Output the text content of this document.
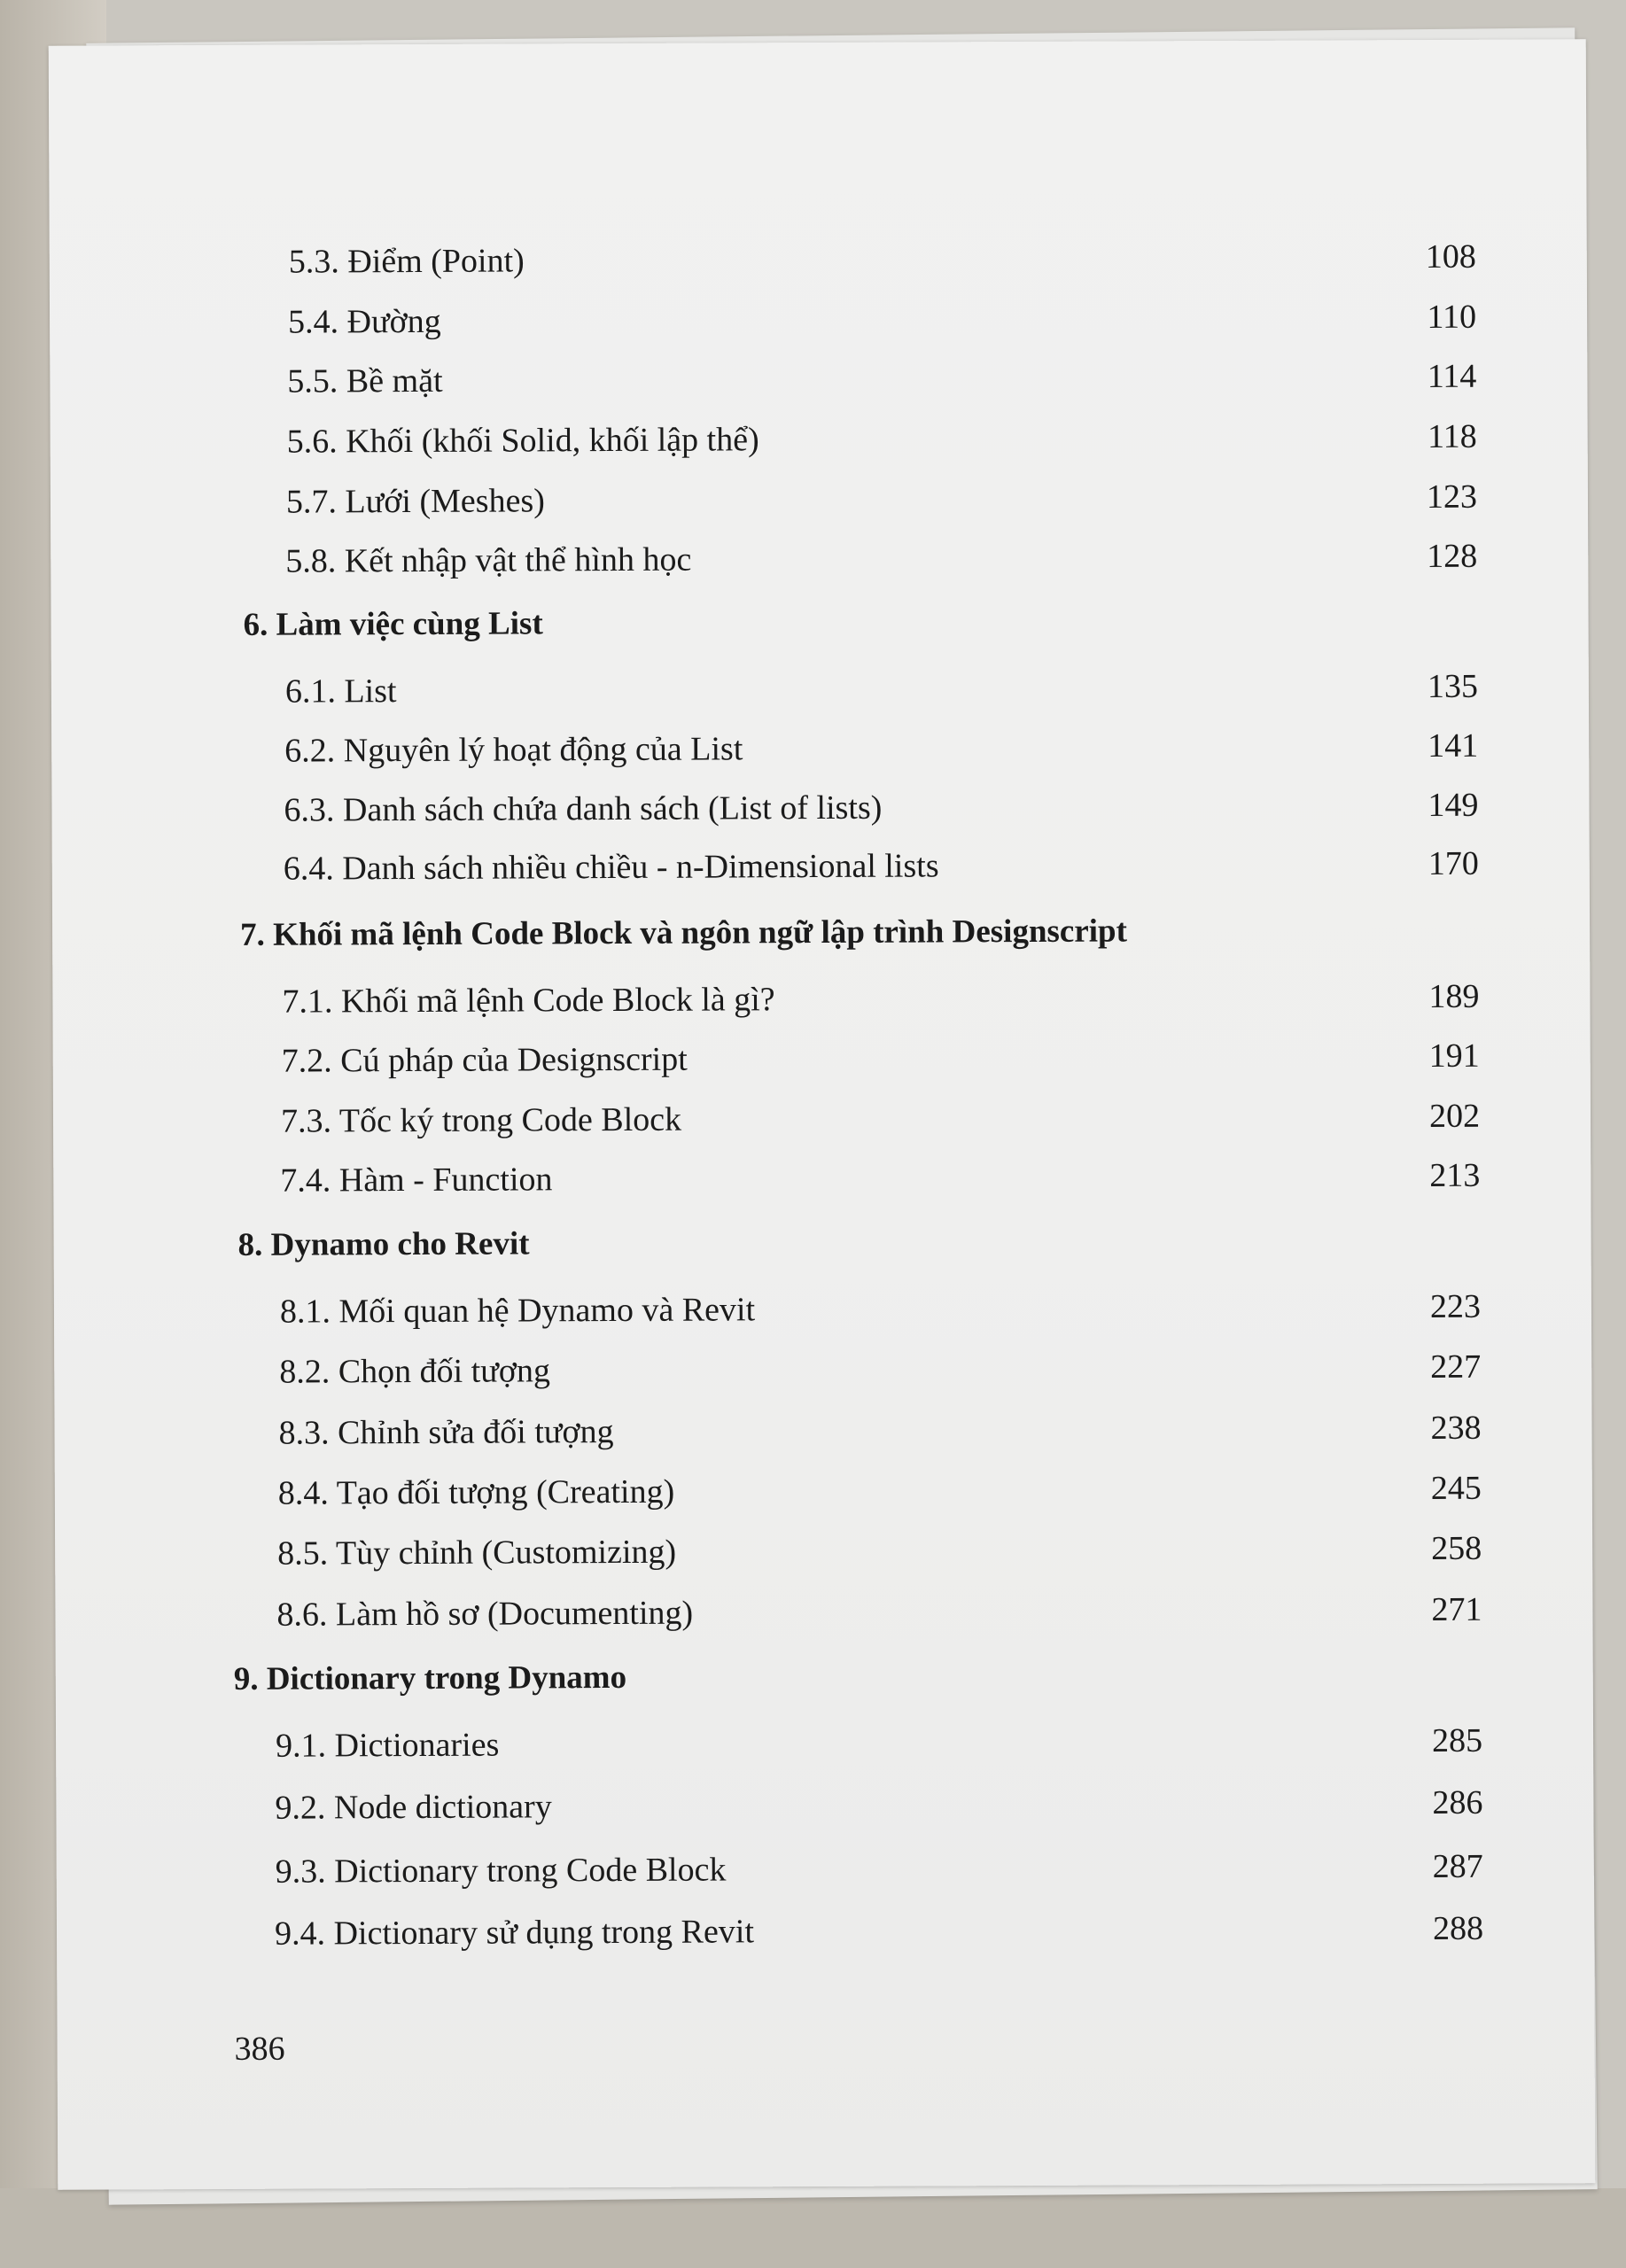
5.3. Điểm (Point)	108
5.4. Đường	110
5.5. Bề mặt	114
5.6. Khối (khối Solid, khối lập thể)	118
5.7. Lưới (Meshes)	123
5.8. Kết nhập vật thể hình học	128
6. Làm việc cùng List
6.1. List	135
6.2. Nguyên lý hoạt động của List	141
6.3. Danh sách chứa danh sách (List of lists)	149
6.4. Danh sách nhiều chiều - n-Dimensional lists	170
7. Khối mã lệnh Code Block và ngôn ngữ lập trình Designscript
7.1. Khối mã lệnh Code Block là gì?	189
7.2. Cú pháp của Designscript	191
7.3. Tốc ký trong Code Block	202
7.4. Hàm - Function	213
8. Dynamo cho Revit
8.1. Mối quan hệ Dynamo và Revit	223
8.2. Chọn đối tượng	227
8.3. Chỉnh sửa đối tượng	238
8.4. Tạo đối tượng (Creating)	245
8.5. Tùy chỉnh (Customizing)	258
8.6. Làm hồ sơ (Documenting)	271
9. Dictionary trong Dynamo
9.1. Dictionaries	285
9.2. Node dictionary	286
9.3. Dictionary trong Code Block	287
9.4. Dictionary sử dụng trong Revit	288
386
